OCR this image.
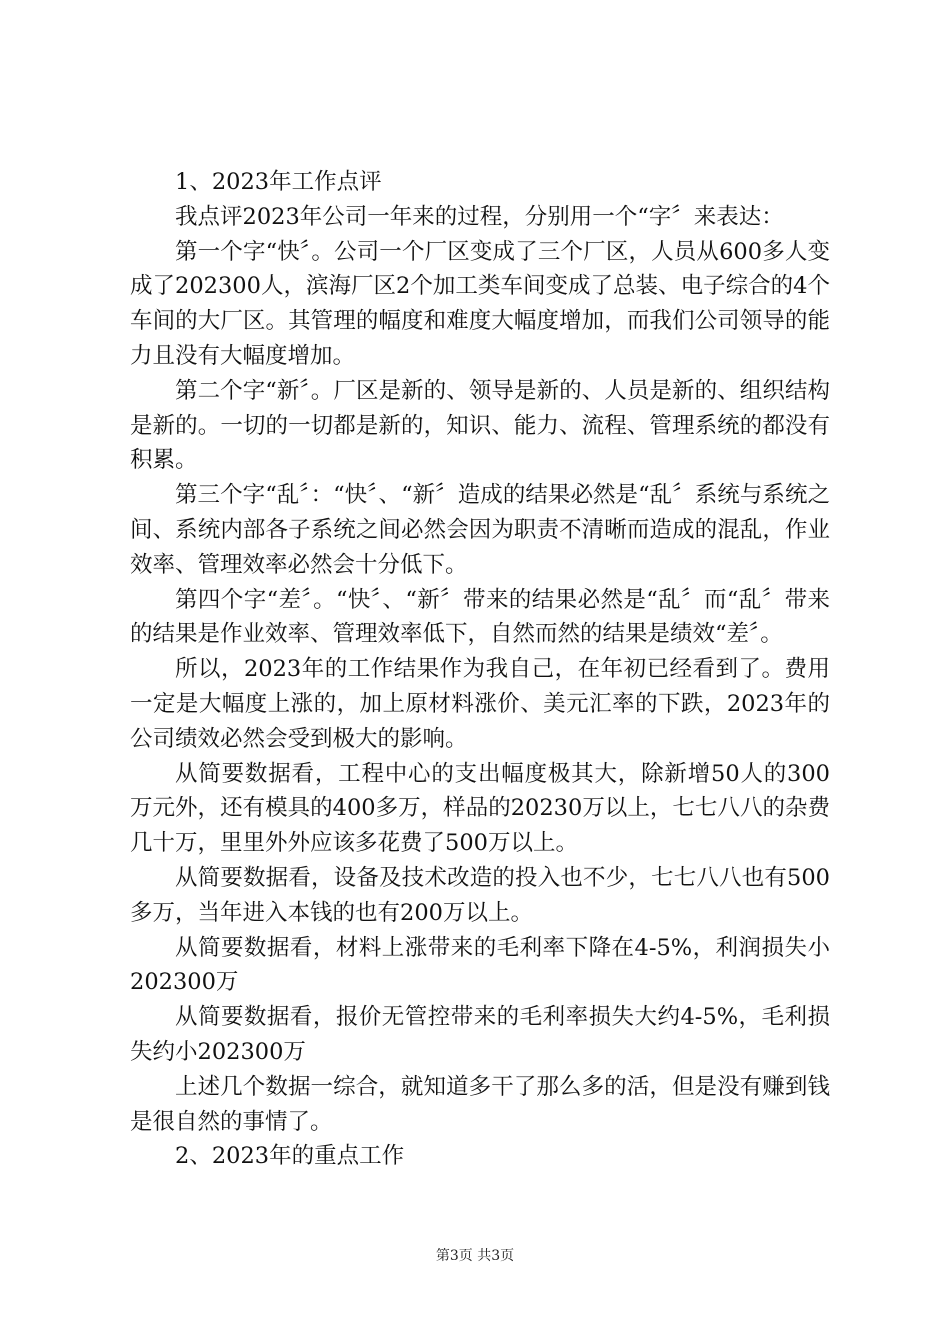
1、2023年工作点评

我点评2023年公司一年来的过程，分别用一个“字〞来表达：

第一个字“快〞。公司一个厂区变成了三个厂区，人员从600多人变成了202300人，滨海厂区2个加工类车间变成了总装、电子综合的4个车间的大厂区。其管理的幅度和难度大幅度增加，而我们公司领导的能力且没有大幅度增加。

第二个字“新〞。厂区是新的、领导是新的、人员是新的、组织结构是新的。一切的一切都是新的，知识、能力、流程、管理系统的都没有积累。

第三个字“乱〞：“快〞、“新〞造成的结果必然是“乱〞系统与系统之间、系统内部各子系统之间必然会因为职责不清晰而造成的混乱，作业效率、管理效率必然会十分低下。

第四个字“差〞。“快〞、“新〞带来的结果必然是“乱〞而“乱〞带来的结果是作业效率、管理效率低下，自然而然的结果是绩效“差〞。

所以，2023年的工作结果作为我自己，在年初已经看到了。费用一定是大幅度上涨的，加上原材料涨价、美元汇率的下跌，2023年的公司绩效必然会受到极大的影响。

从简要数据看，工程中心的支出幅度极其大，除新增50人的300万元外，还有模具的400多万，样品的20230万以上，七七八八的杂费几十万，里里外外应该多花费了500万以上。

从简要数据看，设备及技术改造的投入也不少，七七八八也有500多万，当年进入本钱的也有200万以上。

从简要数据看，材料上涨带来的毛利率下降在4-5%，利润损失小202300万

从简要数据看，报价无管控带来的毛利率损失大约4-5%，毛利损失约小202300万

上述几个数据一综合，就知道多干了那么多的活，但是没有赚到钱是很自然的事情了。

2、2023年的重点工作

第3页 共3页
